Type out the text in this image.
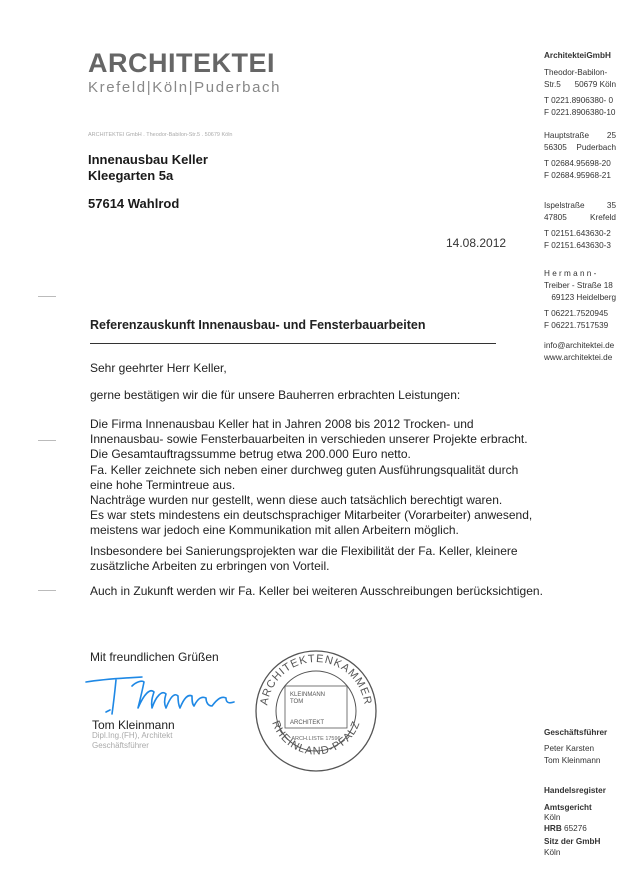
ARCHITEKTEI
Krefeld|Köln|Puderbach
ARCHITEKTEI GmbH . Theodor-Babilon-Str.5 . 50679 Köln
Innenausbau Keller
Kleegarten 5a
57614 Wahlrod
14.08.2012
Referenzauskunft Innenausbau- und Fensterbauarbeiten
Sehr geehrter Herr Keller,
gerne bestätigen wir die für unsere Bauherren erbrachten Leistungen:
Die Firma Innenausbau Keller hat in Jahren 2008 bis 2012 Trocken- und
Innenausbau- sowie Fensterbauarbeiten in verschieden unserer Projekte erbracht.
Die Gesamtauftragssumme betrug etwa 200.000 Euro netto.
Fa. Keller zeichnete sich neben einer durchweg guten Ausführungsqualität durch
eine hohe Termintreue aus.
Nachträge wurden nur gestellt, wenn diese auch tatsächlich berechtigt waren.
Es war stets mindestens ein deutschsprachiger Mitarbeiter (Vorarbeiter) anwesend,
meistens war jedoch eine Kommunikation mit allen Arbeitern möglich.
Insbesondere bei Sanierungsprojekten war die Flexibilität der Fa. Keller, kleinere
zusätzliche Arbeiten zu erbringen von Vorteil.
Auch in Zukunft werden wir Fa. Keller bei weiteren Ausschreibungen berücksichtigen.
Mit freundlichen Grüßen
Tom Kleinmann
Dipl.Ing.(FH), Architekt
Geschäftsführer
ARCHITEKTENKAMMER
RHEINLAND-PFALZ
KLEINMANN
TOM
ARCHITEKT
ARCH.LISTE 17596
ArchitekteiGmbH
Theodor-Babilon-
Str.5 50679 Köln
T 0221.8906380- 0
F 0221.8906380-10
Hauptstraße 25
56305 Puderbach
T 02684.95698-20
F 02684.95968-21
Ispelstraße	35
47805	Krefeld
T 02151.643630-2
F 02151.643630-3
H e r m a n n -
Treiber - Straße 18
69123 Heidelberg
T 06221.7520945
F 06221.7517539
info@architektei.de
www.architektei.de
Geschäftsführer
Peter Karsten
Tom Kleinmann
Handelsregister
Amtsgericht
Köln
HRB 65276
Sitz der GmbH
Köln
